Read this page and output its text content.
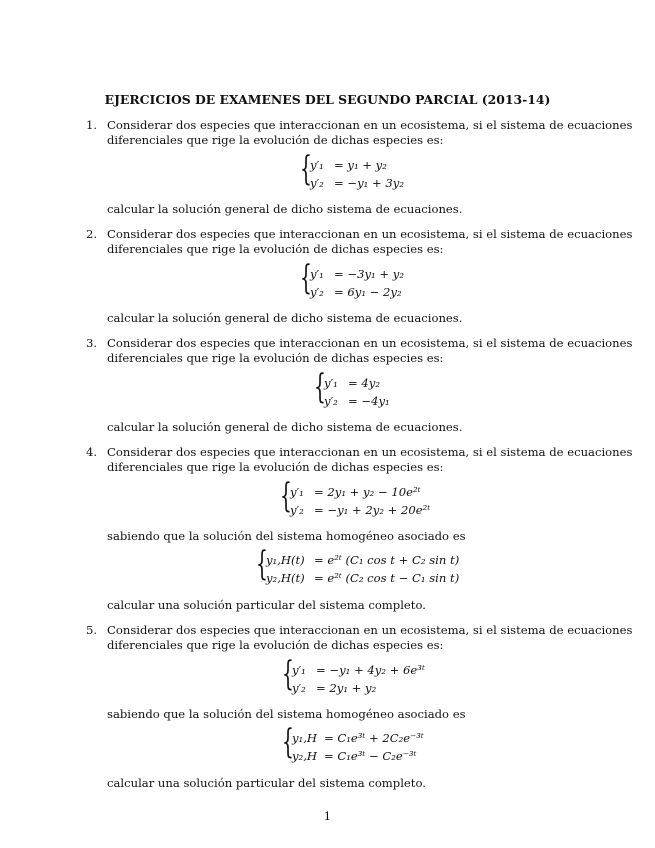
EJERCICIOS DE EXAMENES DEL SEGUNDO PARCIAL (2013-14)
1. Considerar dos especies que interaccionan en un ecosistema, si el sistema de ecuaciones
diferenciales que rige la evolución de dichas especies es:
{
y′₁ = y₁ + y₂
y′₂ = −y₁ + 3y₂
calcular la solución general de dicho sistema de ecuaciones.
2. Considerar dos especies que interaccionan en un ecosistema, si el sistema de ecuaciones
diferenciales que rige la evolución de dichas especies es:
{
y′₁ = −3y₁ + y₂
y′₂ = 6y₁ − 2y₂
calcular la solución general de dicho sistema de ecuaciones.
3. Considerar dos especies que interaccionan en un ecosistema, si el sistema de ecuaciones
diferenciales que rige la evolución de dichas especies es:
{
y′₁ = 4y₂
y′₂ = −4y₁
calcular la solución general de dicho sistema de ecuaciones.
4. Considerar dos especies que interaccionan en un ecosistema, si el sistema de ecuaciones
diferenciales que rige la evolución de dichas especies es:
{
y′₁ = 2y₁ + y₂ − 10e²ᵗ
y′₂ = −y₁ + 2y₂ + 20e²ᵗ
sabiendo que la solución del sistema homogéneo asociado es
{
y₁,H(t) = e²ᵗ (C₁ cos t + C₂ sin t)
y₂,H(t) = e²ᵗ (C₂ cos t − C₁ sin t)
calcular una solución particular del sistema completo.
5. Considerar dos especies que interaccionan en un ecosistema, si el sistema de ecuaciones
diferenciales que rige la evolución de dichas especies es:
{
y′₁ = −y₁ + 4y₂ + 6e³ᵗ
y′₂ = 2y₁ + y₂
sabiendo que la solución del sistema homogéneo asociado es
{
y₁,H = C₁e³ᵗ + 2C₂e⁻³ᵗ
y₂,H = C₁e³ᵗ − C₂e⁻³ᵗ
calcular una solución particular del sistema completo.
1
